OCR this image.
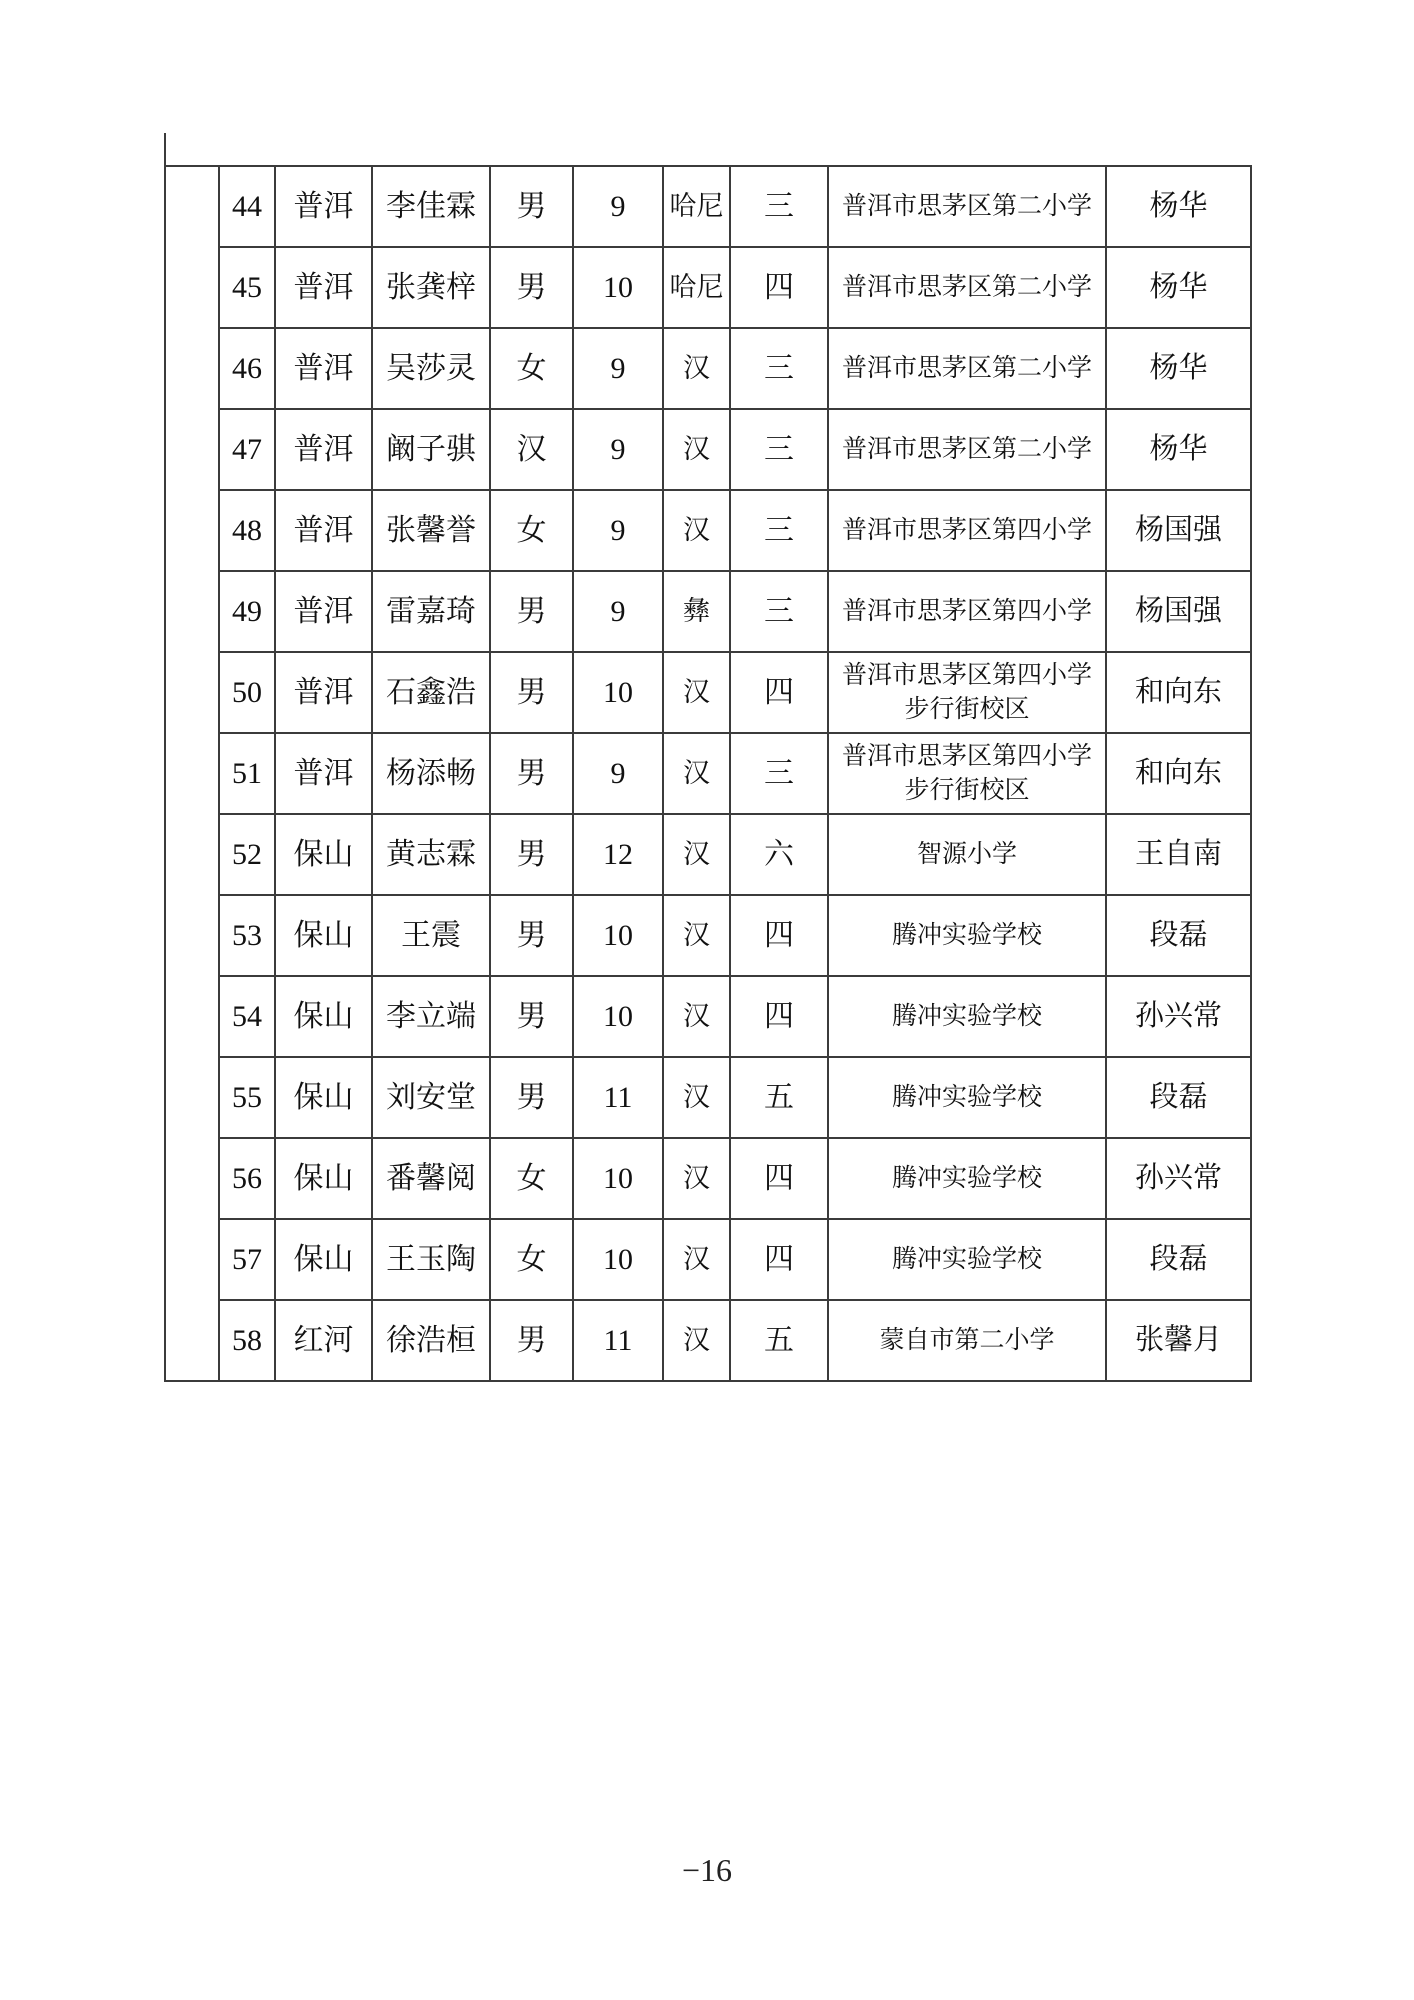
44	普洱	李佳霖	男	9	哈尼	三	普洱市思茅区第二小学	杨华
45	普洱	张龚梓	男	10	哈尼	四	普洱市思茅区第二小学	杨华
46	普洱	吴莎灵	女	9	汉	三	普洱市思茅区第二小学	杨华
47	普洱	阚子骐	汉	9	汉	三	普洱市思茅区第二小学	杨华
48	普洱	张馨誉	女	9	汉	三	普洱市思茅区第四小学	杨国强
49	普洱	雷嘉琦	男	9	彝	三	普洱市思茅区第四小学	杨国强
50	普洱	石鑫浩	男	10	汉	四	普洱市思茅区第四小学步行街校区	和向东
51	普洱	杨添畅	男	9	汉	三	普洱市思茅区第四小学步行街校区	和向东
52	保山	黄志霖	男	12	汉	六	智源小学	王自南
53	保山	王震	男	10	汉	四	腾冲实验学校	段磊
54	保山	李立端	男	10	汉	四	腾冲实验学校	孙兴常
55	保山	刘安堂	男	11	汉	五	腾冲实验学校	段磊
56	保山	番馨阅	女	10	汉	四	腾冲实验学校	孙兴常
57	保山	王玉陶	女	10	汉	四	腾冲实验学校	段磊
58	红河	徐浩桓	男	11	汉	五	蒙自市第二小学	张馨月
−16
